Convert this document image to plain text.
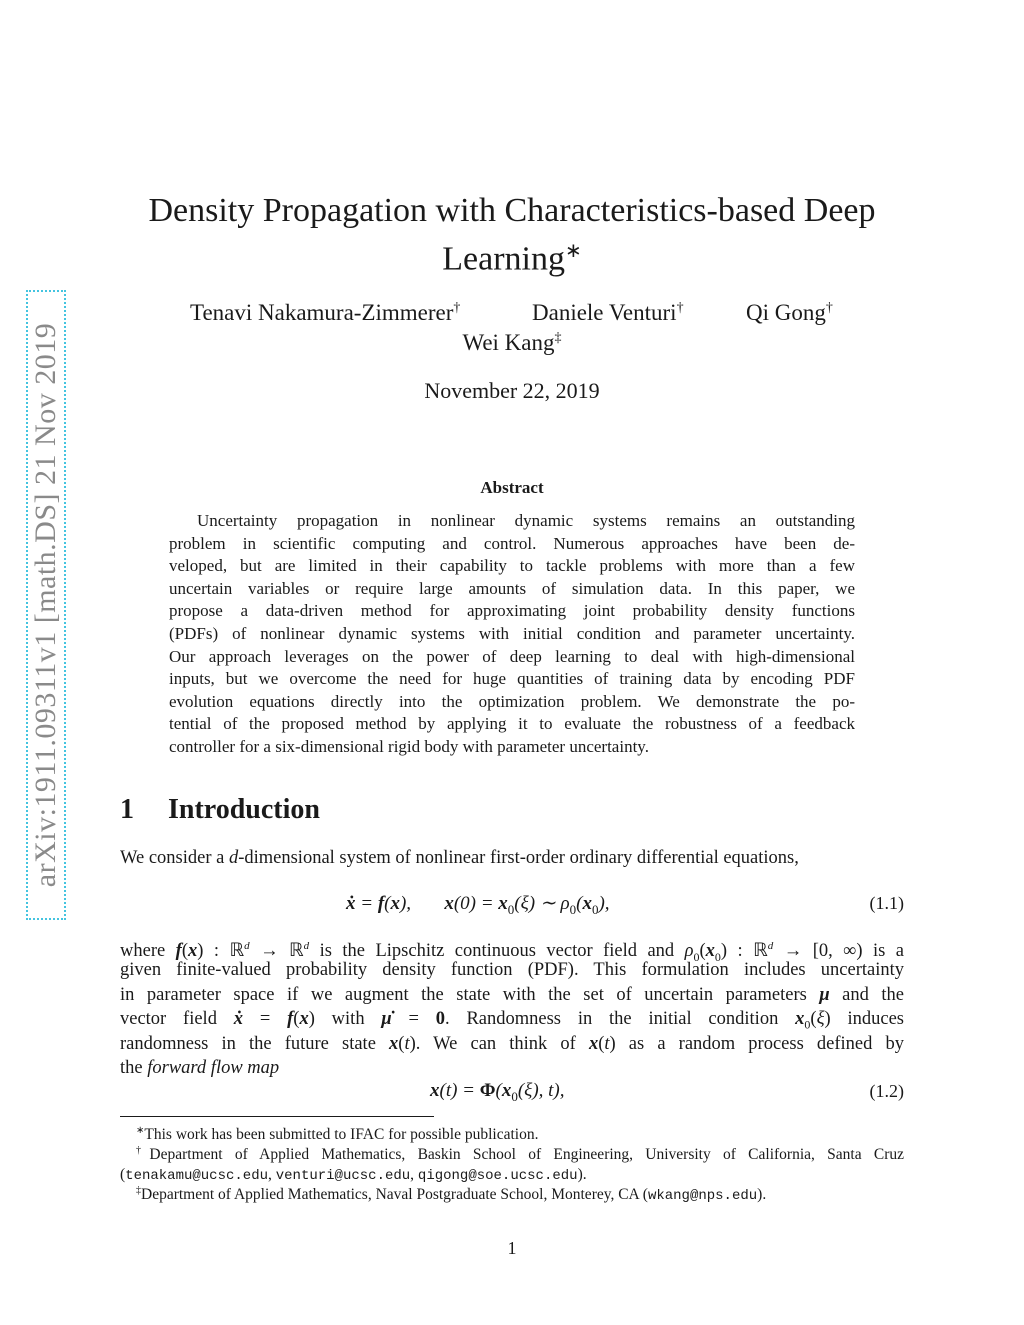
arXiv:1911.09311v1 [math.DS] 21 Nov 2019
Density Propagation with Characteristics-based Deep
Learning∗
Tenavi Nakamura-Zimmerer†	Daniele Venturi†	Qi Gong†
Wei Kang‡
November 22, 2019
Abstract
Uncertainty propagation in nonlinear dynamic systems remains an outstanding
problem in scientific computing and control. Numerous approaches have been de-
veloped, but are limited in their capability to tackle problems with more than a few
uncertain variables or require large amounts of simulation data. In this paper, we
propose a data-driven method for approximating joint probability density functions
(PDFs) of nonlinear dynamic systems with initial condition and parameter uncertainty.
Our approach leverages on the power of deep learning to deal with high-dimensional
inputs, but we overcome the need for huge quantities of training data by encoding PDF
evolution equations directly into the optimization problem. We demonstrate the po-
tential of the proposed method by applying it to evaluate the robustness of a feedback
controller for a six-dimensional rigid body with parameter uncertainty.
1 Introduction
We consider a d-dimensional system of nonlinear first-order ordinary differential equations,
ẋ = f(x),       $x(0) = x_0(\xi)$ ∼ $\rho_0(x_0)$,	(1.1)
where f(x) : ℝ$^d$ → ℝ$^d$ is the Lipschitz continuous vector field and $\rho_0(x_0)$ : ℝ$^d$ → [0, ∞) is a
given finite-valued probability density function (PDF). This formulation includes uncertainty
in parameter space if we augment the state with the set of uncertain parameters μ and the
vector field ẋ = f(x) with μ̇ = 0. Randomness in the initial condition $x_0(\xi)$ induces
randomness in the future state x(t). We can think of x(t) as a random process defined by
the forward flow map
$x(t) = \Phi(x_0(\xi)$, t),	(1.2)
∗This work has been submitted to IFAC for possible publication.
†Department of Applied Mathematics, Baskin School of Engineering, University of California, Santa Cruz (tenakamu@ucsc.edu, venturi@ucsc.edu, qigong@soe.ucsc.edu).
‡Department of Applied Mathematics, Naval Postgraduate School, Monterey, CA (wkang@nps.edu).
1
